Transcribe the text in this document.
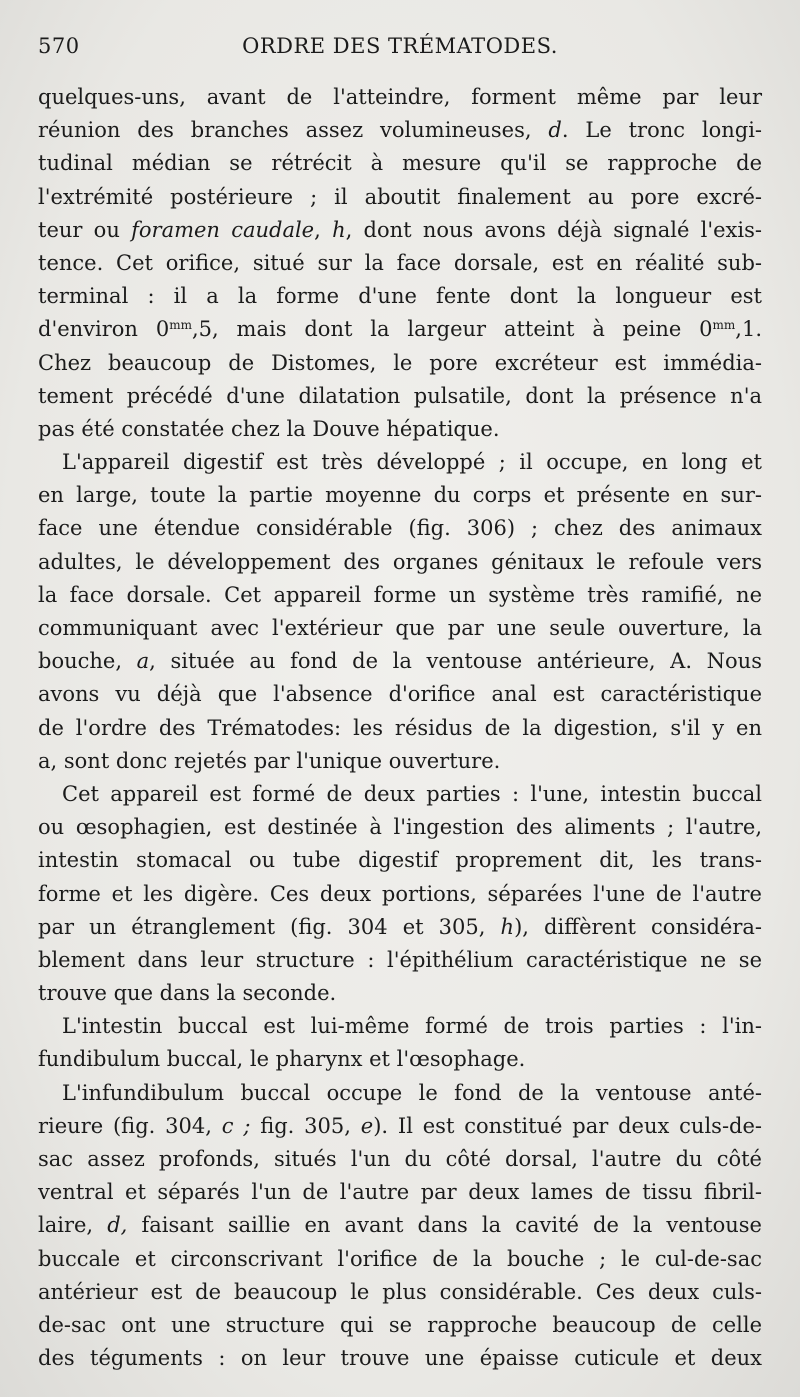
570	ORDRE DES TRÉMATODES.
quelques-uns, avant de l'atteindre, forment même par leur
réunion des branches assez volumineuses, d. Le tronc longi-
tudinal médian se rétrécit à mesure qu'il se rapproche de
l'extrémité postérieure ; il aboutit finalement au pore excré-
teur ou foramen caudale, h, dont nous avons déjà signalé l'exis-
tence. Cet orifice, situé sur la face dorsale, est en réalité sub-
terminal : il a la forme d'une fente dont la longueur est
d'environ $0^{mm},5$, mais dont la largeur atteint à peine $0^{mm},1$.
Chez beaucoup de Distomes, le pore excréteur est immédia-
tement précédé d'une dilatation pulsatile, dont la présence n'a
pas été constatée chez la Douve hépatique.
L'appareil digestif est très développé ; il occupe, en long et
en large, toute la partie moyenne du corps et présente en sur-
face une étendue considérable (fig. 306) ; chez des animaux
adultes, le développement des organes génitaux le refoule vers
la face dorsale. Cet appareil forme un système très ramifié, ne
communiquant avec l'extérieur que par une seule ouverture, la
bouche, a, située au fond de la ventouse antérieure, A. Nous
avons vu déjà que l'absence d'orifice anal est caractéristique
de l'ordre des Trématodes: les résidus de la digestion, s'il y en
a, sont donc rejetés par l'unique ouverture.
Cet appareil est formé de deux parties : l'une, intestin buccal
ou œsophagien, est destinée à l'ingestion des aliments ; l'autre,
intestin stomacal ou tube digestif proprement dit, les trans-
forme et les digère. Ces deux portions, séparées l'une de l'autre
par un étranglement (fig. 304 et 305, h), diffèrent considéra-
blement dans leur structure : l'épithélium caractéristique ne se
trouve que dans la seconde.
L'intestin buccal est lui-même formé de trois parties : l'in-
fundibulum buccal, le pharynx et l'œsophage.
L'infundibulum buccal occupe le fond de la ventouse anté-
rieure (fig. 304, c ; fig. 305, e). Il est constitué par deux culs-de-
sac assez profonds, situés l'un du côté dorsal, l'autre du côté
ventral et séparés l'un de l'autre par deux lames de tissu fibril-
laire, d, faisant saillie en avant dans la cavité de la ventouse
buccale et circonscrivant l'orifice de la bouche ; le cul-de-sac
antérieur est de beaucoup le plus considérable. Ces deux culs-
de-sac ont une structure qui se rapproche beaucoup de celle
des téguments : on leur trouve une épaisse cuticule et deux
